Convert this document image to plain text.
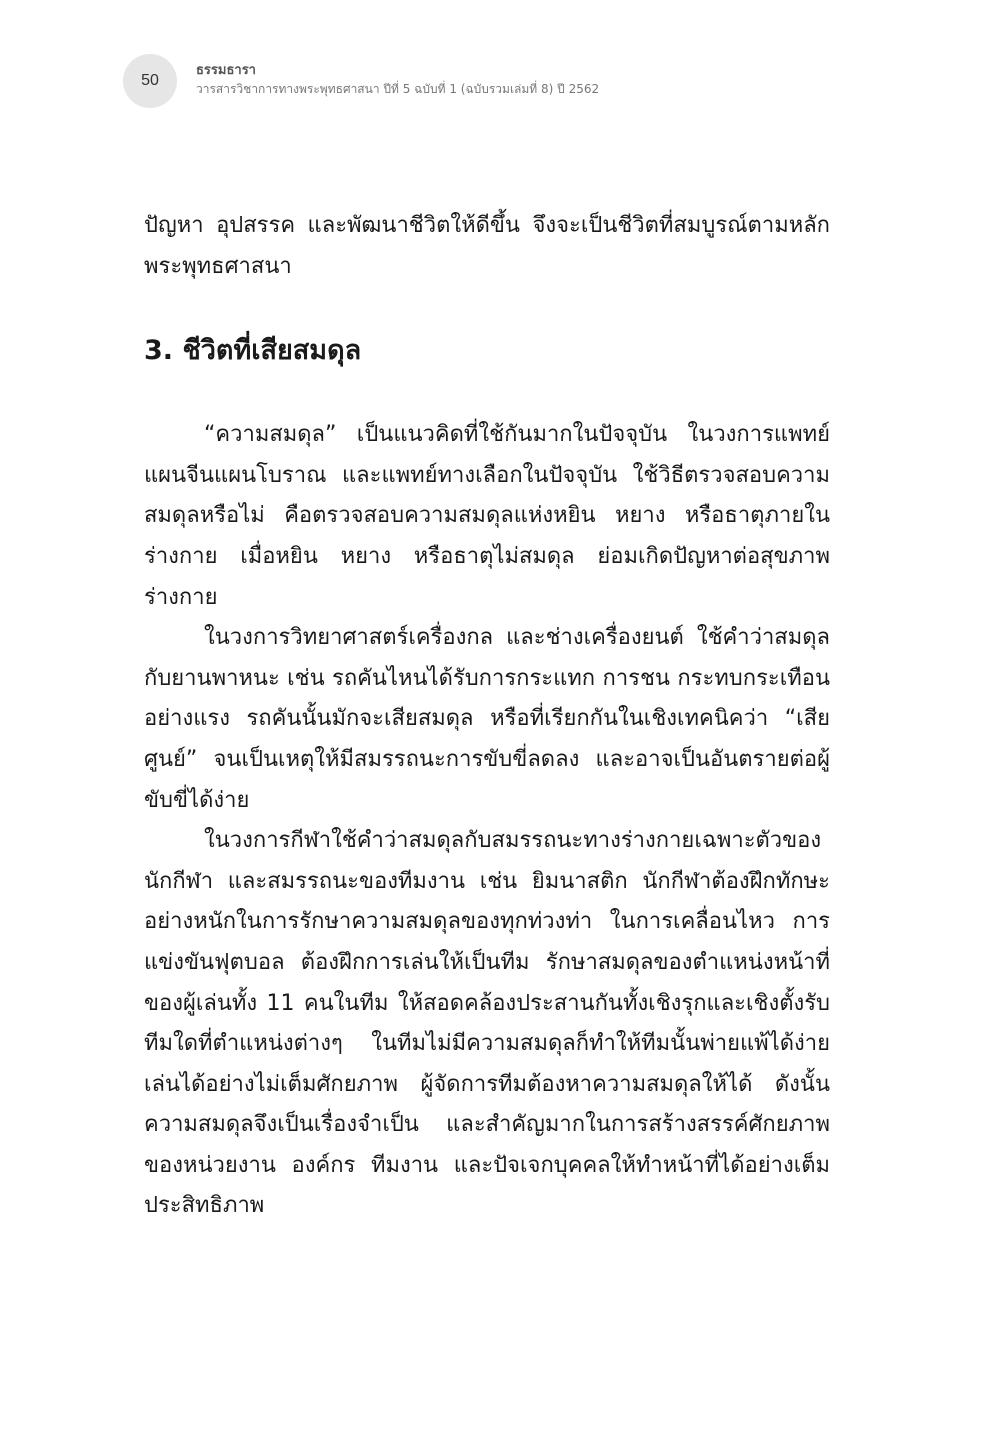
50
ธรรมธารา
วารสารวิชาการทางพระพุทธศาสนา ปีที่ 5 ฉบับที่ 1 (ฉบับรวมเล่มที่ 8) ปี 2562

ปัญหา อุปสรรค และพัฒนาชีวิตให้ดีขึ้น จึงจะเป็นชีวิตที่สมบูรณ์ตามหลักพระพุทธศาสนา

3. ชีวิตที่เสียสมดุล

“ความสมดุล” เป็นแนวคิดที่ใช้กันมากในปัจจุบัน ในวงการแพทย์แผนจีนแผนโบราณ และแพทย์ทางเลือกในปัจจุบัน ใช้วิธีตรวจสอบความสมดุลหรือไม่ คือตรวจสอบความสมดุลแห่งหยิน หยาง หรือธาตุภายในร่างกาย เมื่อหยิน หยาง หรือธาตุไม่สมดุล ย่อมเกิดปัญหาต่อสุขภาพร่างกาย

ในวงการวิทยาศาสตร์เครื่องกล และช่างเครื่องยนต์ ใช้คำว่าสมดุลกับยานพาหนะ เช่น รถคันไหนได้รับการกระแทก การชน กระทบกระเทือนอย่างแรง รถคันนั้นมักจะเสียสมดุล หรือที่เรียกกันในเชิงเทคนิคว่า “เสียศูนย์” จนเป็นเหตุให้มีสมรรถนะการขับขี่ลดลง และอาจเป็นอันตรายต่อผู้ขับขี่ได้ง่าย

ในวงการกีฬาใช้คำว่าสมดุลกับสมรรถนะทางร่างกายเฉพาะตัวของนักกีฬา และสมรรถนะของทีมงาน เช่น ยิมนาสติก นักกีฬาต้องฝึกทักษะอย่างหนักในการรักษาความสมดุลของทุกท่วงท่า ในการเคลื่อนไหว การแข่งขันฟุตบอล ต้องฝึกการเล่นให้เป็นทีม รักษาสมดุลของตำแหน่งหน้าที่ของผู้เล่นทั้ง 11 คนในทีม ให้สอดคล้องประสานกันทั้งเชิงรุกและเชิงตั้งรับ ทีมใดที่ตำแหน่งต่างๆ ในทีมไม่มีความสมดุลก็ทำให้ทีมนั้นพ่ายแพ้ได้ง่าย เล่นได้อย่างไม่เต็มศักยภาพ ผู้จัดการทีมต้องหาความสมดุลให้ได้ ดังนั้น ความสมดุลจึงเป็นเรื่องจำเป็น และสำคัญมากในการสร้างสรรค์ศักยภาพของหน่วยงาน องค์กร ทีมงาน และปัจเจกบุคคลให้ทำหน้าที่ได้อย่างเต็มประสิทธิภาพ
